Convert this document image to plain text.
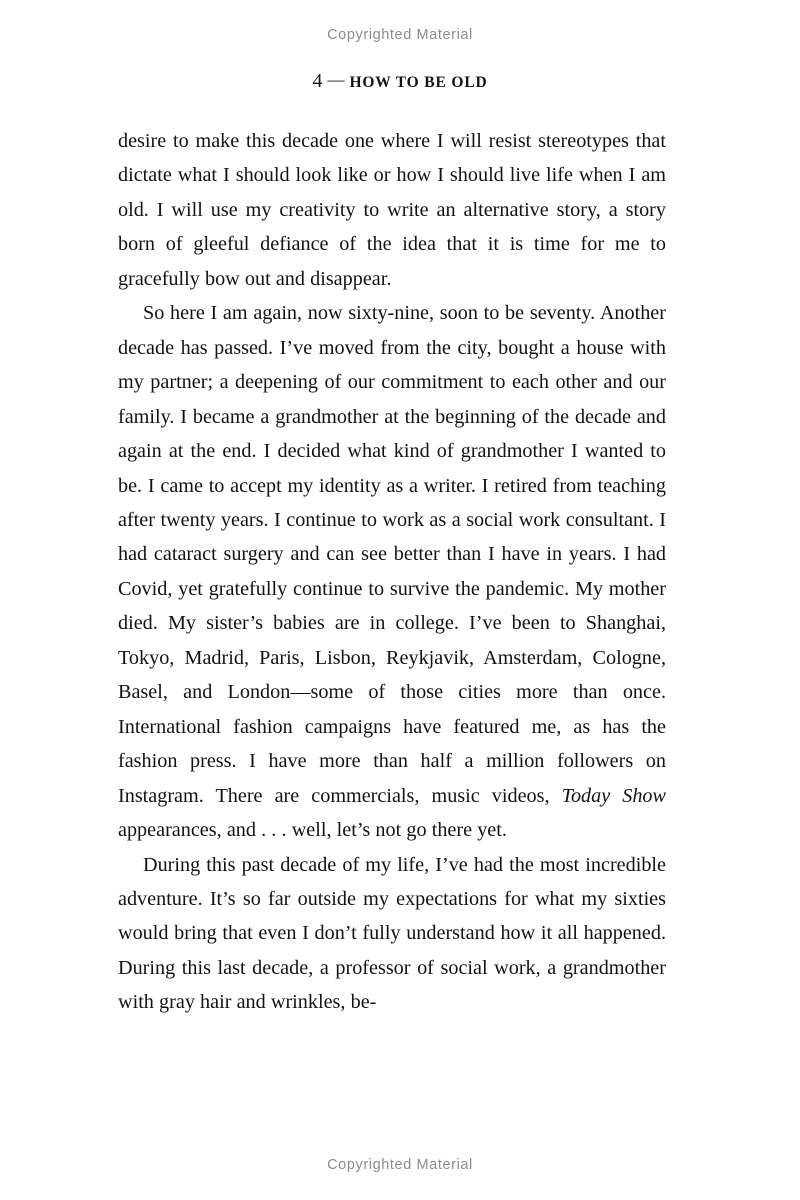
Copyrighted Material
4 — HOW TO BE OLD

desire to make this decade one where I will resist stereotypes that dictate what I should look like or how I should live life when I am old. I will use my creativity to write an alternative story, a story born of gleeful defiance of the idea that it is time for me to gracefully bow out and disappear.

So here I am again, now sixty-nine, soon to be seventy. Another decade has passed. I’ve moved from the city, bought a house with my partner; a deepening of our commitment to each other and our family. I became a grandmother at the beginning of the decade and again at the end. I decided what kind of grandmother I wanted to be. I came to accept my identity as a writer. I retired from teaching after twenty years. I continue to work as a social work consultant. I had cataract surgery and can see better than I have in years. I had Covid, yet gratefully continue to survive the pandemic. My mother died. My sister’s babies are in college. I’ve been to Shanghai, Tokyo, Madrid, Paris, Lisbon, Reykjavik, Amsterdam, Cologne, Basel, and London—some of those cities more than once. International fashion campaigns have featured me, as has the fashion press. I have more than half a million followers on Instagram. There are commercials, music videos, Today Show appearances, and . . . well, let’s not go there yet.

During this past decade of my life, I’ve had the most incredible adventure. It’s so far outside my expectations for what my sixties would bring that even I don’t fully understand how it all happened. During this last decade, a professor of social work, a grandmother with gray hair and wrinkles, be-

Copyrighted Material
